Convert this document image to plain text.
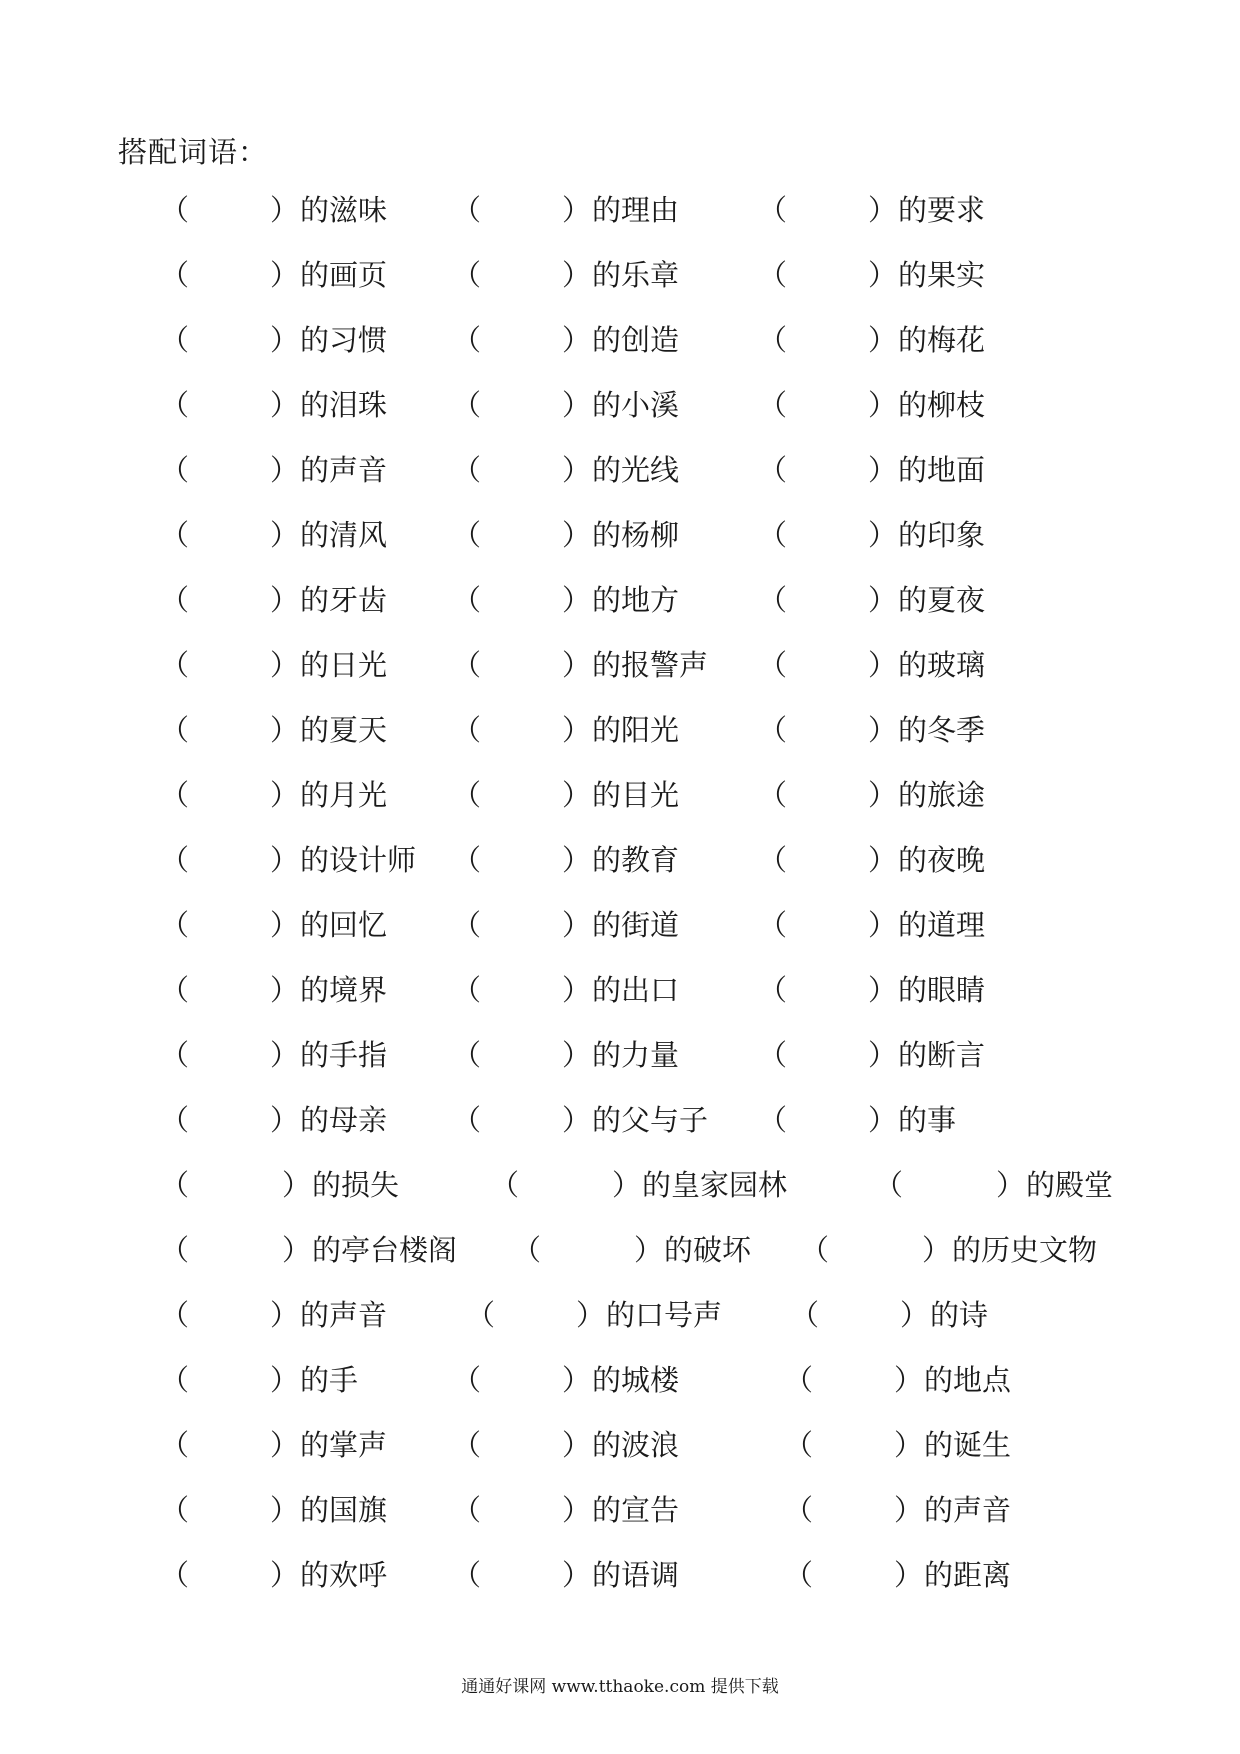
搭配词语：
（	）的滋味 （	）的理由	（	）的要求
（	）的画页 （	）的乐章	（	）的果实
（	）的习惯 （	）的创造	（	）的梅花
（	）的泪珠 （	）的小溪	（	）的柳枝
（	）的声音 （	）的光线	（	）的地面
（	）的清风 （	）的杨柳	（	）的印象
（	）的牙齿 （	）的地方	（	）的夏夜
（	）的日光 （	）的报警声 （	）的玻璃
（	）的夏天 （	）的阳光	（	）的冬季
（	）的月光 （	）的目光	（	）的旅途
（	）的设计师 （	）的教育	（	）的夜晚
（	）的回忆 （	）的街道	（	）的道理
（	）的境界 （	）的出口	（	）的眼睛
（	）的手指 （	）的力量	（	）的断言
（	）的母亲 （	）的父与子 （	）的事
（	）的损失	（	）的皇家园林	（	）的殿堂
（	）的亭台楼阁 （	）的破坏 （	）的历史文物
（	）的声音	（	）的口号声 （	）的诗
（	）的手	（	）的城楼	（	）的地点
（	）的掌声 （	）的波浪	（	）的诞生
（	）的国旗 （	）的宣告	（	）的声音
（	）的欢呼 （	）的语调	（	）的距离
通通好课网 www.tthaoke.com 提供下载
